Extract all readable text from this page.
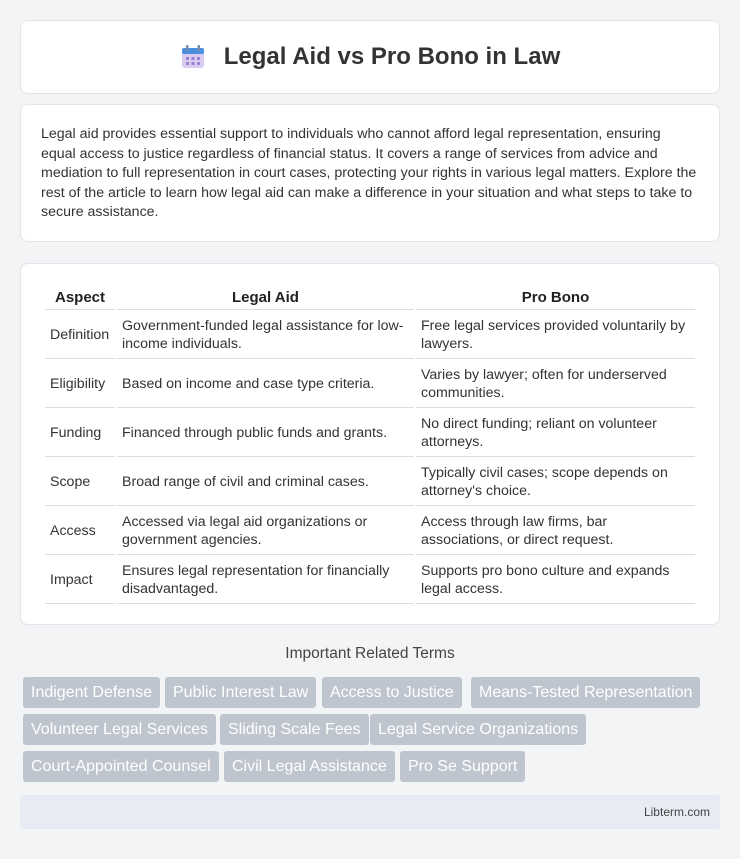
Legal Aid vs Pro Bono in Law

Legal aid provides essential support to individuals who cannot afford legal representation, ensuring equal access to justice regardless of financial status. It covers a range of services from advice and mediation to full representation in court cases, protecting your rights in various legal matters. Explore the rest of the article to learn how legal aid can make a difference in your situation and what steps to take to secure assistance.

Aspect	Legal Aid	Pro Bono
Definition	Government-funded legal assistance for low-income individuals.	Free legal services provided voluntarily by lawyers.
Eligibility	Based on income and case type criteria.	Varies by lawyer; often for underserved communities.
Funding	Financed through public funds and grants.	No direct funding; reliant on volunteer attorneys.
Scope	Broad range of civil and criminal cases.	Typically civil cases; scope depends on attorney's choice.
Access	Accessed via legal aid organizations or government agencies.	Access through law firms, bar associations, or direct request.
Impact	Ensures legal representation for financially disadvantaged.	Supports pro bono culture and expands legal access.
Important Related Terms
Indigent Defense	Public Interest Law	Access to Justice	Means-Tested Representation
Volunteer Legal Services	Sliding Scale Fees	Legal Service Organizations
Court-Appointed Counsel	Civil Legal Assistance	Pro Se Support
Libterm.com
